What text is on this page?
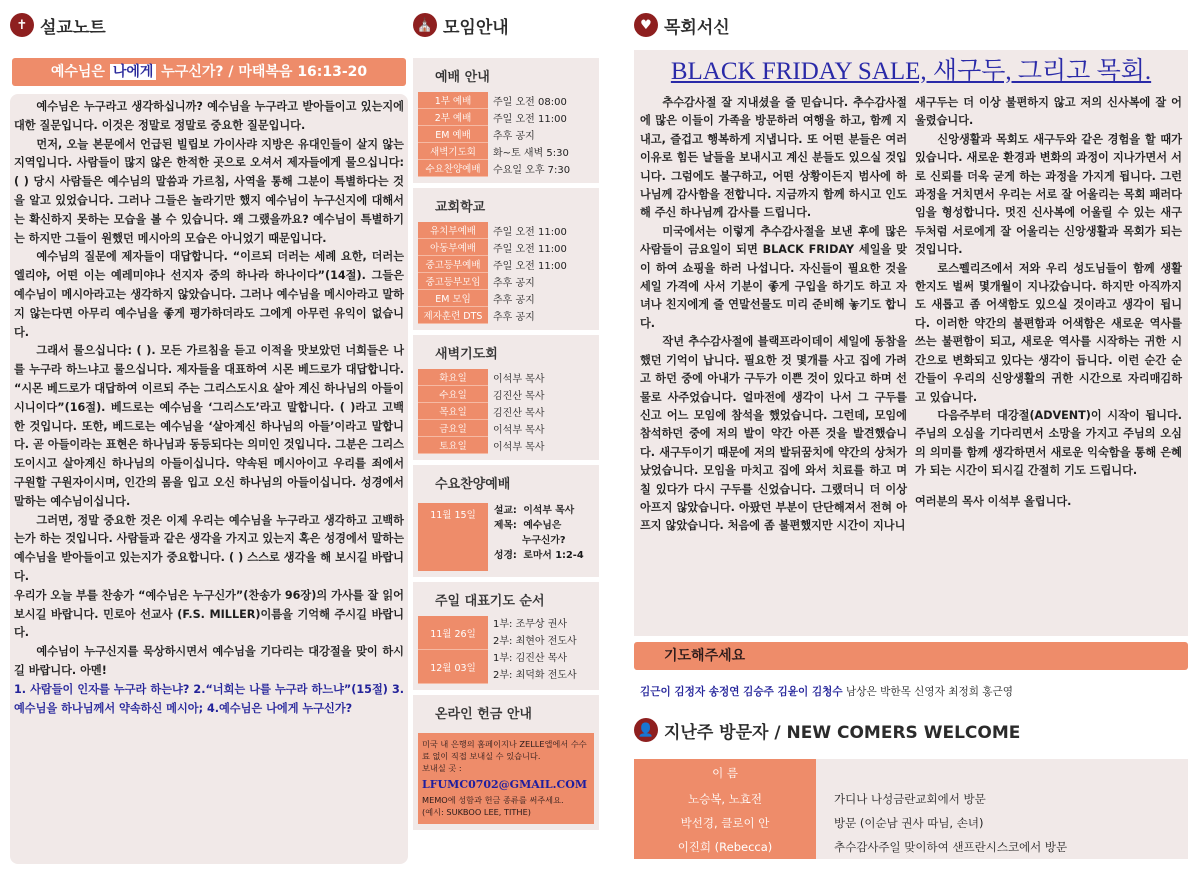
✝ 설교노트
예수님은 나에게 누구신가? / 마태복음 16:13-20

예수님은 누구라고 생각하십니까? 예수님을 누구라고 받아들이고 있는지에 대한 질문입니다. 이것은 정말로 정말로 중요한 질문입니다.

먼저, 오늘 본문에서 언급된 빌립보 가이사랴 지방은 유대인들이 살지 않는 지역입니다. 사람들이 많지 않은 한적한 곳으로 오셔서 제자들에게 물으십니다: ( ) 당시 사람들은 예수님의 말씀과 가르침, 사역을 통해 그분이 특별하다는 것을 알고 있었습니다. 그러나 그들은 놀라기만 했지 예수님이 누구신지에 대해서는 확신하지 못하는 모습을 볼 수 있습니다. 왜 그랬을까요? 예수님이 특별하기는 하지만 그들이 원했던 메시아의 모습은 아니었기 때문입니다.

예수님의 질문에 제자들이 대답합니다. “이르되 더러는 세례 요한, 더러는 엘리야, 어떤 이는 예레미야나 선지자 중의 하나라 하나이다”(14절). 그들은 예수님이 메시아라고는 생각하지 않았습니다. 그러나 예수님을 메시아라고 말하지 않는다면 아무리 예수님을 좋게 평가하더라도 그에게 아무런 유익이 없습니다.

그래서 물으십니다: ( ). 모든 가르침을 듣고 이적을 맛보았던 너희들은 나를 누구라 하느냐고 물으십니다. 제자들을 대표하여 시몬 베드로가 대답합니다. “시몬 베드로가 대답하여 이르되 주는 그리스도시요 살아 계신 하나님의 아들이시니이다”(16절). 베드로는 예수님을 ‘그리스도’라고 말합니다. ( )라고 고백한 것입니다. 또한, 베드로는 예수님을 ‘살아계신 하나님의 아들’이라고 말합니다. 곧 아들이라는 표현은 하나님과 동등되다는 의미인 것입니다. 그분은 그리스도이시고 살아계신 하나님의 아들이십니다. 약속된 메시아이고 우리를 죄에서 구원할 구원자이시며, 인간의 몸을 입고 오신 하나님의 아들이십니다. 성경에서 말하는 예수님이십니다.

그러면, 정말 중요한 것은 이제 우리는 예수님을 누구라고 생각하고 고백하는가 하는 것입니다. 사람들과 같은 생각을 가지고 있는지 혹은 성경에서 말하는 예수님을 받아들이고 있는지가 중요합니다. ( ) 스스로 생각을 해 보시길 바랍니다.

우리가 오늘 부를 찬송가 “예수님은 누구신가”(찬송가 96장)의 가사를 잘 읽어 보시길 바랍니다. 민로아 선교사 (F.S. MILLER)이름을 기억해 주시길 바랍니다.

예수님이 누구신지를 묵상하시면서 예수님을 기다리는 대강절을 맞이 하시길 바랍니다. 아멘!

1. 사람들이 인자를 누구라 하는냐? 2.“너희는 나를 누구라 하느냐”(15절) 3. 예수님을 하나님께서 약속하신 메시아; 4.예수님은 나에게 누구신가?

⛪ 모임안내
예배 안내
1부 예배	주일 오전 08:00
2부 예배	주일 오전 11:00
EM 예배	추후 공지
새벽기도회	화~토 새벽 5:30
수요찬양예배	수요일 오후 7:30
교회학교
유치부예배	주일 오전 11:00
아동부예배	주일 오전 11:00
중고등부예배	주일 오전 11:00
중고등부모임	추후 공지
EM 모임	추후 공지
제자훈련 DTS	추후 공지
새벽기도회
화요일	이석부 목사
수요일	김진산 목사
목요일	김진산 목사
금요일	이석부 목사
토요일	이석부 목사
수요찬양예배
11월 15일	설교: 이석부 목사
제목: 예수님은
누구신가?
성경: 로마서 1:2-4
주일 대표기도 순서
11월 26일
1부: 조무상 권사
2부: 최현아 전도사
12월 03일
1부: 김진산 목사
2부: 최덕화 전도사
온라인 헌금 안내
미국 내 은행의 홈페이지나 ZELLE앱에서 수수료 없이 직접 보내실 수 있습니다.
보내실 곳 :
LFUMC0702@GMAIL.COM
MEMO에 성함과 헌금 종류를 써주세요.
(예시: SUKBOO LEE, TITHE)
♥ 목회서신
BLACK FRIDAY SALE, 새구두, 그리고 목회.

추수감사절 잘 지내셨을 줄 믿습니다. 추수감사절에 많은 이들이 가족을 방문하러 여행을 하고, 함께 지내고, 즐겁고 행복하게 지냅니다. 또 어떤 분들은 여러 이유로 힘든 날들을 보내시고 계신 분들도 있으실 것입니다. 그럼에도 불구하고, 어떤 상황이든지 범사에 하나님께 감사함을 전합니다. 지금까지 함께 하시고 인도해 주신 하나님께 감사를 드립니다.

미국에서는 이렇게 추수감사절을 보낸 후에 많은 사람들이 금요일이 되면 BLACK FRIDAY 세일을 맞이 하여 쇼핑을 하러 나섭니다. 자신들이 필요한 것을 세일 가격에 사서 기분이 좋게 구입을 하기도 하고 자녀나 친지에게 줄 연말선물도 미리 준비해 놓기도 합니다.

작년 추수감사절에 블랙프라이데이 세일에 동참을 했던 기억이 납니다. 필요한 것 몇개를 사고 집에 가려고 하던 중에 아내가 구두가 이쁜 것이 있다고 하며 선물로 사주었습니다. 얼마전에 생각이 나서 그 구두를 신고 어느 모임에 참석을 했었습니다. 그런데, 모임에 참석하던 중에 저의 발이 약간 아픈 것을 발견했습니다. 새구두이기 때문에 저의 발뒤꿈치에 약간의 상처가 났었습니다. 모임을 마치고 집에 와서 치료를 하고 며칠 있다가 다시 구두를 신었습니다. 그랬더니 더 이상 아프지 않았습니다. 아팠던 부분이 단단해져서 전혀 아프지 않았습니다. 처음에 좀 불편했지만 시간이 지나니

새구두는 더 이상 불편하지 않고 저의 신사복에 잘 어울렸습니다.

신앙생활과 목회도 새구두와 같은 경험을 할 때가 있습니다. 새로운 환경과 변화의 과정이 지나가면서 서로 신뢰를 더욱 굳게 하는 과정을 가지게 됩니다. 그런 과정을 거치면서 우리는 서로 잘 어울리는 목회 패러다임을 형성합니다. 멋진 신사복에 어울릴 수 있는 새구두처럼 서로에게 잘 어울리는 신앙생활과 목회가 되는 것입니다.

로스펠리즈에서 저와 우리 성도님들이 함께 생활한지도 벌써 몇개월이 지나갔습니다. 하지만 아직까지도 새롭고 좀 어색함도 있으실 것이라고 생각이 됩니다. 이러한 약간의 불편함과 어색함은 새로운 역사를 쓰는 불편함이 되고, 새로운 역사를 시작하는 귀한 시간으로 변화되고 있다는 생각이 듭니다. 이런 순간 순간들이 우리의 신앙생활의 귀한 시간으로 자리매김하고 있습니다.

다음주부터 대강절(ADVENT)이 시작이 됩니다. 주님의 오심을 기다리면서 소망을 가지고 주님의 오심의 의미를 함께 생각하면서 새로운 익숙함을 통해 은혜가 되는 시간이 되시길 간절히 기도 드립니다.

여러분의 목사 이석부 올립니다.

기도해주세요
김근이 김정자 송정연 김승주 김윤이 김청수 남상은 박한목 신영자 최정희 홍근영
👤 지난주 방문자 / NEW COMERS WELCOME
이 름	
노승복, 노효전	가디나 나성금란교회에서 방문
박선경, 클로이 안	방문 (이순남 권사 따님, 손녀)
이진희 (Rebecca)	추수감사주일 맞이하여 샌프란시스코에서 방문
